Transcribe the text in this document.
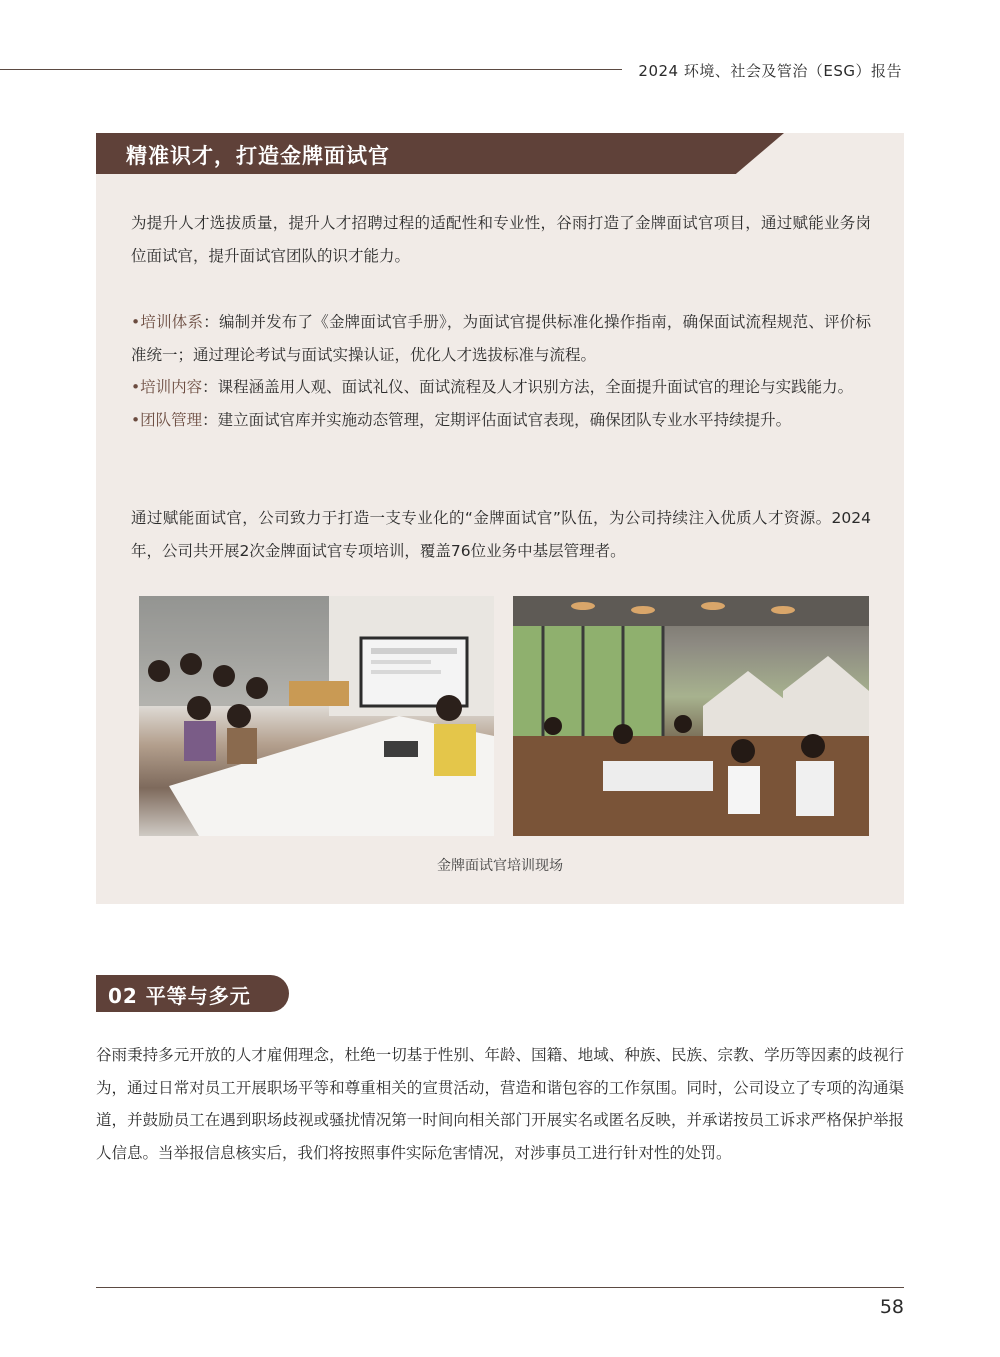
2024 环境、社会及管治（ESG）报告
精准识才，打造金牌面试官

为提升人才选拔质量，提升人才招聘过程的适配性和专业性，谷雨打造了金牌面试官项目，通过赋能业务岗位面试官，提升面试官团队的识才能力。

•培训体系：编制并发布了《金牌面试官手册》，为面试官提供标准化操作指南，确保面试流程规范、评价标准统一；通过理论考试与面试实操认证，优化人才选拔标准与流程。
•培训内容：课程涵盖用人观、面试礼仪、面试流程及人才识别方法，全面提升面试官的理论与实践能力。
•团队管理：建立面试官库并实施动态管理，定期评估面试官表现，确保团队专业水平持续提升。

通过赋能面试官，公司致力于打造一支专业化的“金牌面试官”队伍，为公司持续注入优质人才资源。2024年，公司共开展2次金牌面试官专项培训，覆盖76位业务中基层管理者。

金牌面试官培训现场
02 平等与多元

谷雨秉持多元开放的人才雇佣理念，杜绝一切基于性别、年龄、国籍、地域、种族、民族、宗教、学历等因素的歧视行为，通过日常对员工开展职场平等和尊重相关的宣贯活动，营造和谐包容的工作氛围。同时，公司设立了专项的沟通渠道，并鼓励员工在遇到职场歧视或骚扰情况第一时间向相关部门开展实名或匿名反映，并承诺按员工诉求严格保护举报人信息。当举报信息核实后，我们将按照事件实际危害情况，对涉事员工进行针对性的处罚。

58
